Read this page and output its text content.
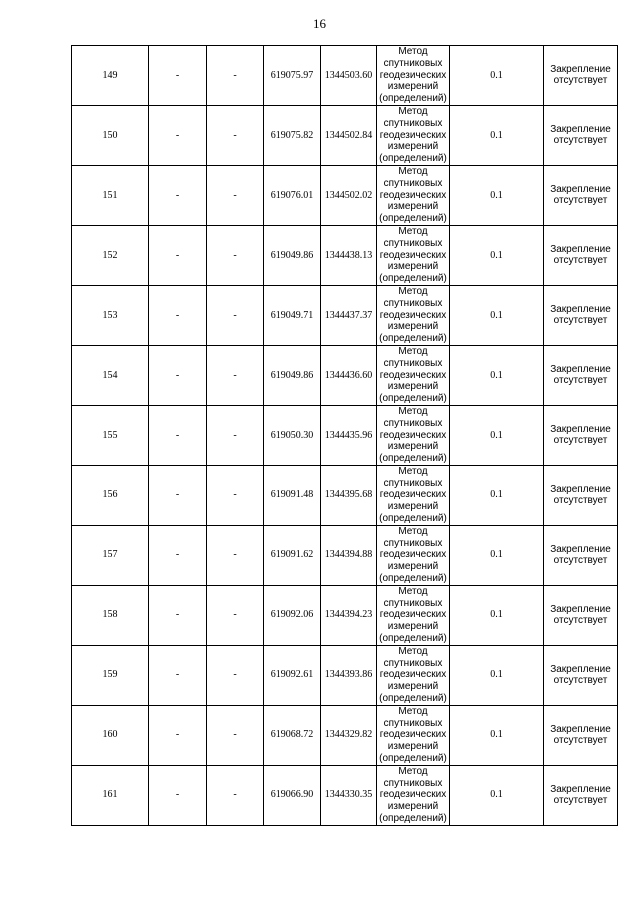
16
149	-	-	619075.97	1344503.60	Метод
спутниковых
геодезических
измерений
(определений)	0.1	Закрепление
отсутствует

150	-	-	619075.82	1344502.84	Метод
спутниковых
геодезических
измерений
(определений)	0.1	Закрепление
отсутствует

151	-	-	619076.01	1344502.02	Метод
спутниковых
геодезических
измерений
(определений)	0.1	Закрепление
отсутствует

152	-	-	619049.86	1344438.13	Метод
спутниковых
геодезических
измерений
(определений)	0.1	Закрепление
отсутствует

153	-	-	619049.71	1344437.37	Метод
спутниковых
геодезических
измерений
(определений)	0.1	Закрепление
отсутствует

154	-	-	619049.86	1344436.60	Метод
спутниковых
геодезических
измерений
(определений)	0.1	Закрепление
отсутствует

155	-	-	619050.30	1344435.96	Метод
спутниковых
геодезических
измерений
(определений)	0.1	Закрепление
отсутствует

156	-	-	619091.48	1344395.68	Метод
спутниковых
геодезических
измерений
(определений)	0.1	Закрепление
отсутствует

157	-	-	619091.62	1344394.88	Метод
спутниковых
геодезических
измерений
(определений)	0.1	Закрепление
отсутствует

158	-	-	619092.06	1344394.23	Метод
спутниковых
геодезических
измерений
(определений)	0.1	Закрепление
отсутствует

159	-	-	619092.61	1344393.86	Метод
спутниковых
геодезических
измерений
(определений)	0.1	Закрепление
отсутствует

160	-	-	619068.72	1344329.82	Метод
спутниковых
геодезических
измерений
(определений)	0.1	Закрепление
отсутствует

161	-	-	619066.90	1344330.35	Метод
спутниковых
геодезических
измерений
(определений)	0.1	Закрепление
отсутствует
